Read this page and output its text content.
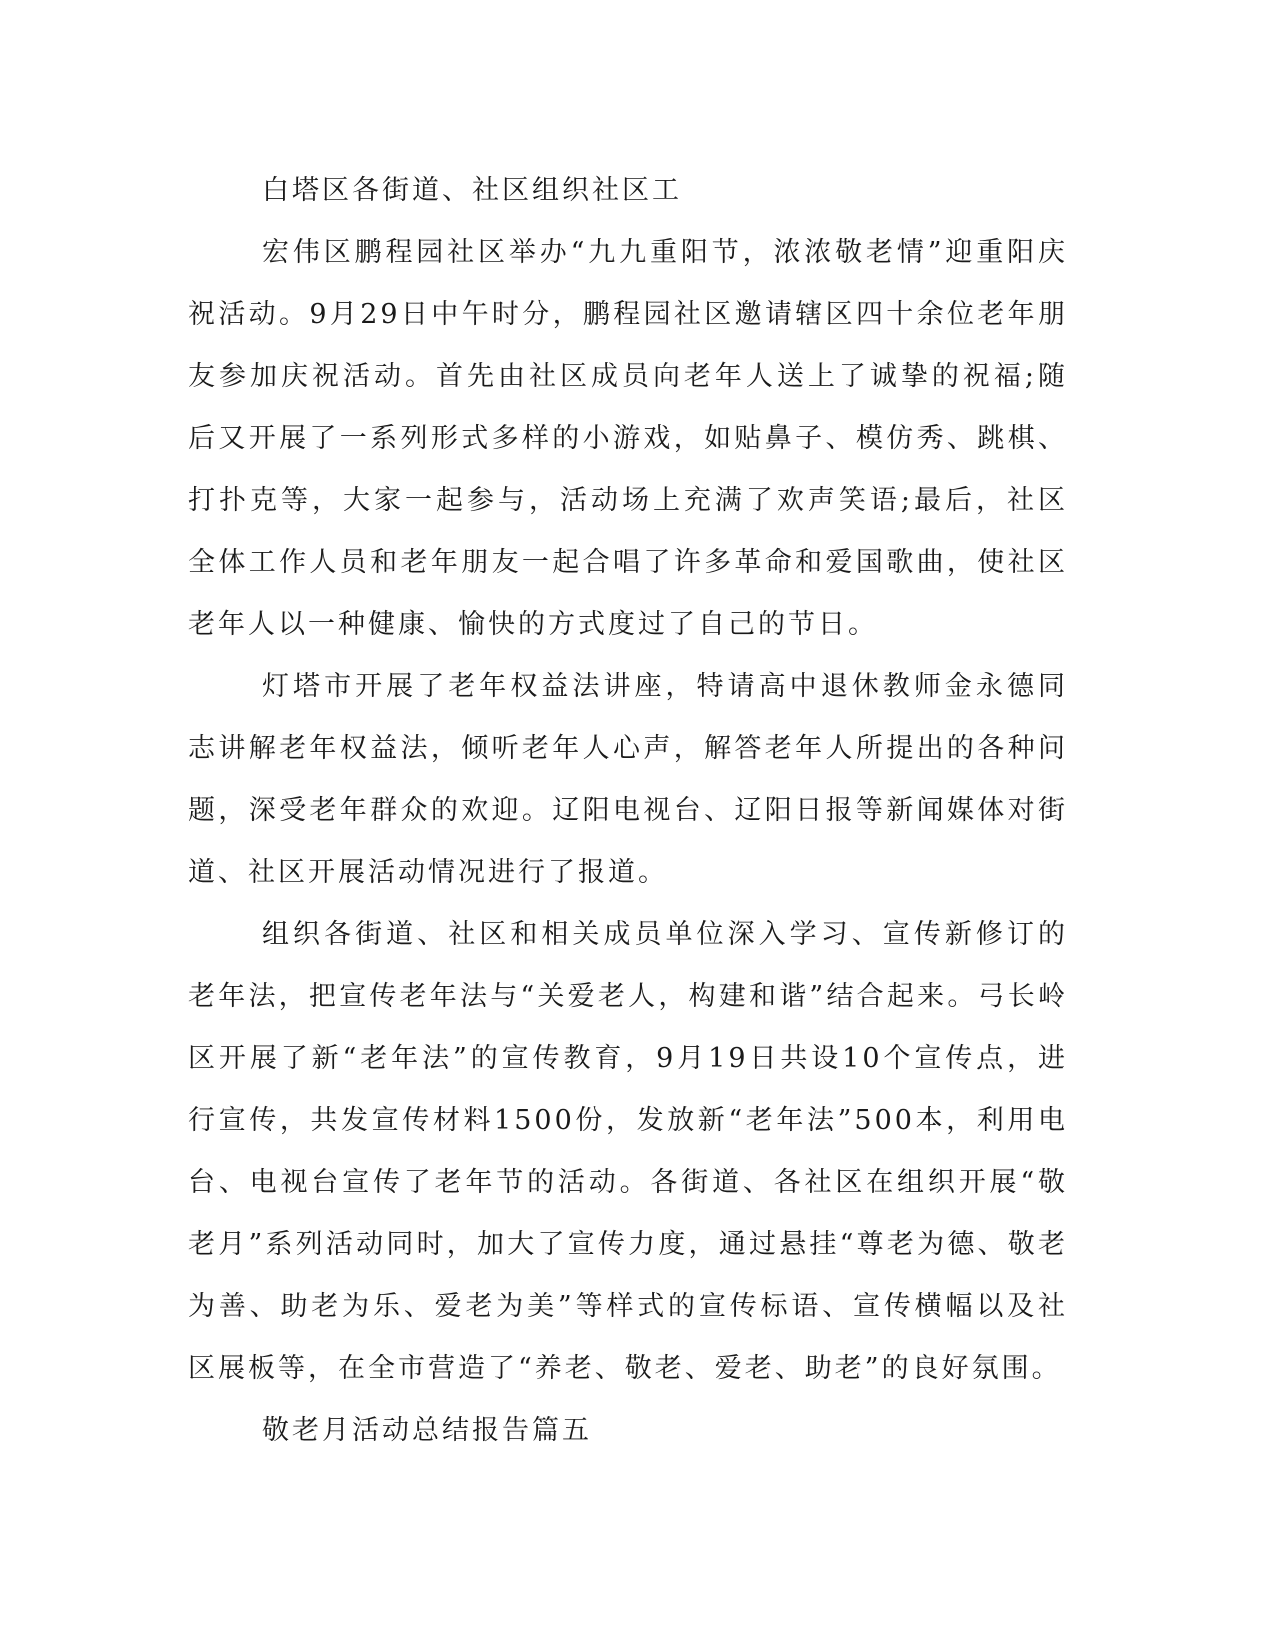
白塔区各街道、社区组织社区工

宏伟区鹏程园社区举办“九九重阳节，浓浓敬老情”迎重阳庆祝活动。9月29日中午时分，鹏程园社区邀请辖区四十余位老年朋友参加庆祝活动。首先由社区成员向老年人送上了诚挚的祝福;随后又开展了一系列形式多样的小游戏，如贴鼻子、模仿秀、跳棋、打扑克等，大家一起参与，活动场上充满了欢声笑语;最后，社区全体工作人员和老年朋友一起合唱了许多革命和爱国歌曲，使社区老年人以一种健康、愉快的方式度过了自己的节日。

灯塔市开展了老年权益法讲座，特请高中退休教师金永德同志讲解老年权益法，倾听老年人心声，解答老年人所提出的各种问题，深受老年群众的欢迎。辽阳电视台、辽阳日报等新闻媒体对街道、社区开展活动情况进行了报道。

组织各街道、社区和相关成员单位深入学习、宣传新修订的老年法，把宣传老年法与“关爱老人，构建和谐”结合起来。弓长岭区开展了新“老年法”的宣传教育，9月19日共设10个宣传点，进行宣传，共发宣传材料1500份，发放新“老年法”500本，利用电台、电视台宣传了老年节的活动。各街道、各社区在组织开展“敬老月”系列活动同时，加大了宣传力度，通过悬挂“尊老为德、敬老为善、助老为乐、爱老为美”等样式的宣传标语、宣传横幅以及社区展板等，在全市营造了“养老、敬老、爱老、助老”的良好氛围。

敬老月活动总结报告篇五
